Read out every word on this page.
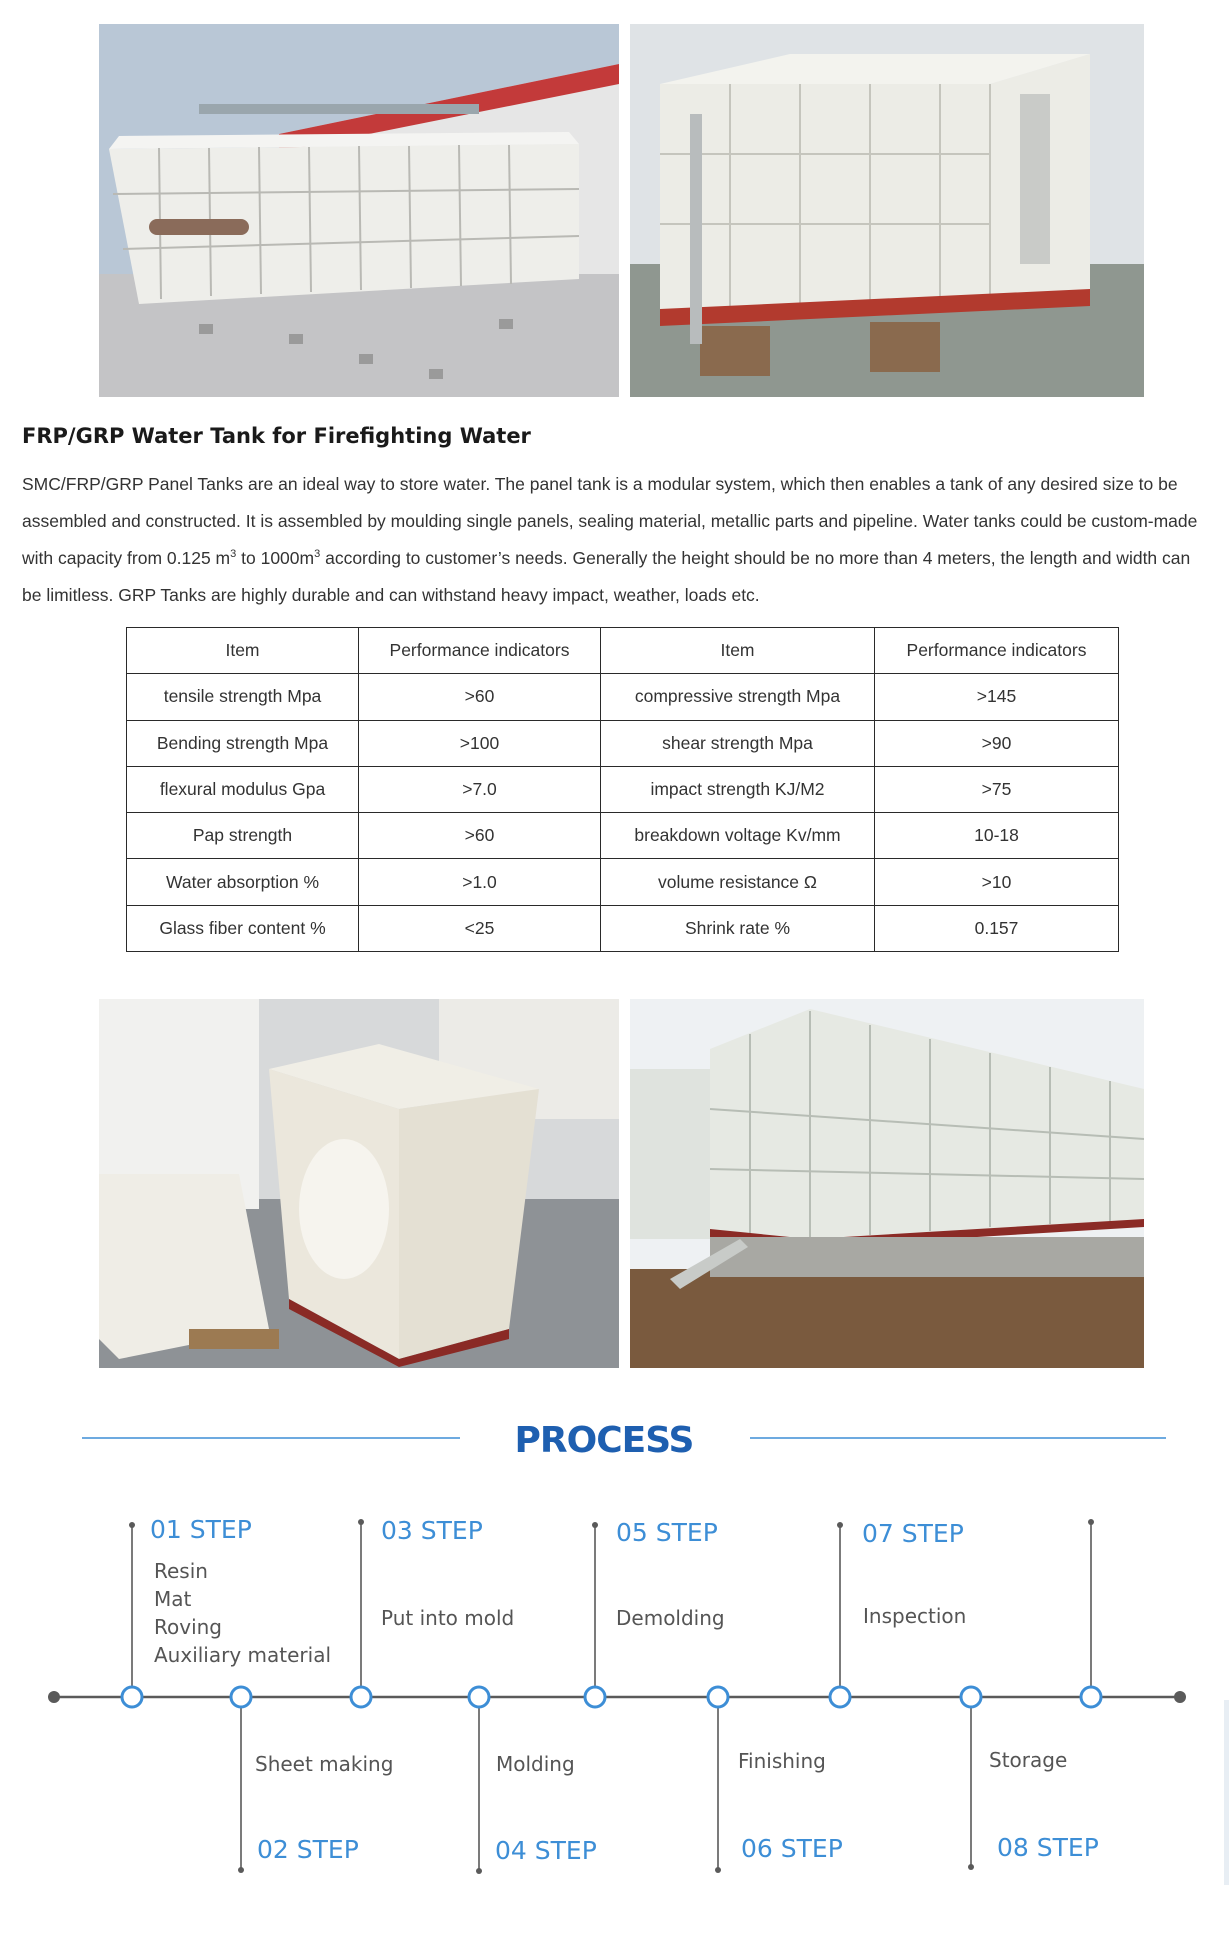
FRP/GRP Water Tank for Firefighting Water

SMC/FRP/GRP Panel Tanks are an ideal way to store water. The panel tank is a modular system, which then enables a tank of any desired size to be assembled and constructed. It is assembled by moulding single panels, sealing material, metallic parts and pipeline. Water tanks could be custom-made with capacity from 0.125 $m^3$ to $1000m^3$ according to customer’s needs. Generally the height should be no more than 4 meters, the length and width can be limitless. GRP Tanks are highly durable and can withstand heavy impact, weather, loads etc.

Item	Performance indicators	Item	Performance indicators
tensile strength Mpa	>60	compressive strength Mpa	>145
Bending strength Mpa	>100	shear strength Mpa	>90
flexural modulus Gpa	>7.0	impact strength KJ/M2	>75
Pap strength	>60	breakdown voltage Kv/mm	10-18
Water absorption %	>1.0	volume resistance Ω	>10
Glass fiber content %	<25	Shrink rate %	0.157
PROCESS
01 STEP
02 STEP
03 STEP
04 STEP
05 STEP
06 STEP
07 STEP
08 STEP
Resin
Mat
Roving
Auxiliary material
Sheet making
Put into mold
Molding
Demolding
Finishing
Inspection
Storage
